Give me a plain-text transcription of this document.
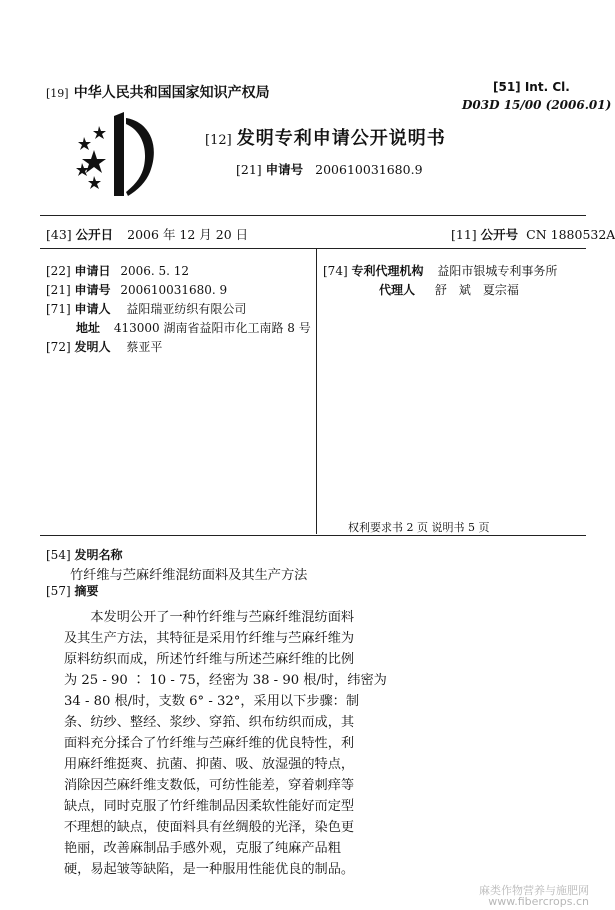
[19] 中华人民共和国国家知识产权局	[51] Int. Cl.
D03D 15/00 (2006.01)
[12] 发明专利申请公开说明书
[21] 申请号 200610031680.9
[43] 公开日 2006 年 12 月 20 日	[11] 公开号 CN 1880532A
[22] 申请日 2006. 5. 12
[21] 申请号 200610031680. 9
[71] 申请人 益阳瑞亚纺织有限公司
地址 413000 湖南省益阳市化工南路 8 号
[72] 发明人 蔡亚平
[74] 专利代理机构 益阳市银城专利事务所
代理人 舒　斌　夏宗福
权利要求书 2 页 说明书 5 页
[54] 发明名称
竹纤维与苎麻纤维混纺面料及其生产方法
[57] 摘要
　　本发明公开了一种竹纤维与苎麻纤维混纺面料
及其生产方法，其特征是采用竹纤维与苎麻纤维为
原料纺织而成，所述竹纤维与所述苎麻纤维的比例
为 25 - 90 ∶ 10 - 75，经密为 38 - 90 根/时，纬密为
34 - 80 根/时，支数 6° - 32°，采用以下步骤：制
条、纺纱、整经、浆纱、穿筘、织布纺织而成，其
面料充分揉合了竹纤维与苎麻纤维的优良特性，利
用麻纤维挺爽、抗菌、抑菌、吸、放湿强的特点，
消除因苎麻纤维支数低，可纺性能差，穿着刺痒等
缺点，同时克服了竹纤维制品因柔软性能好而定型
不理想的缺点，使面料具有丝绸般的光泽，染色更
艳丽，改善麻制品手感外观，克服了纯麻产品粗
硬，易起皱等缺陷，是一种服用性能优良的制品。
麻类作物营养与施肥网
www.fibercrops.cn
